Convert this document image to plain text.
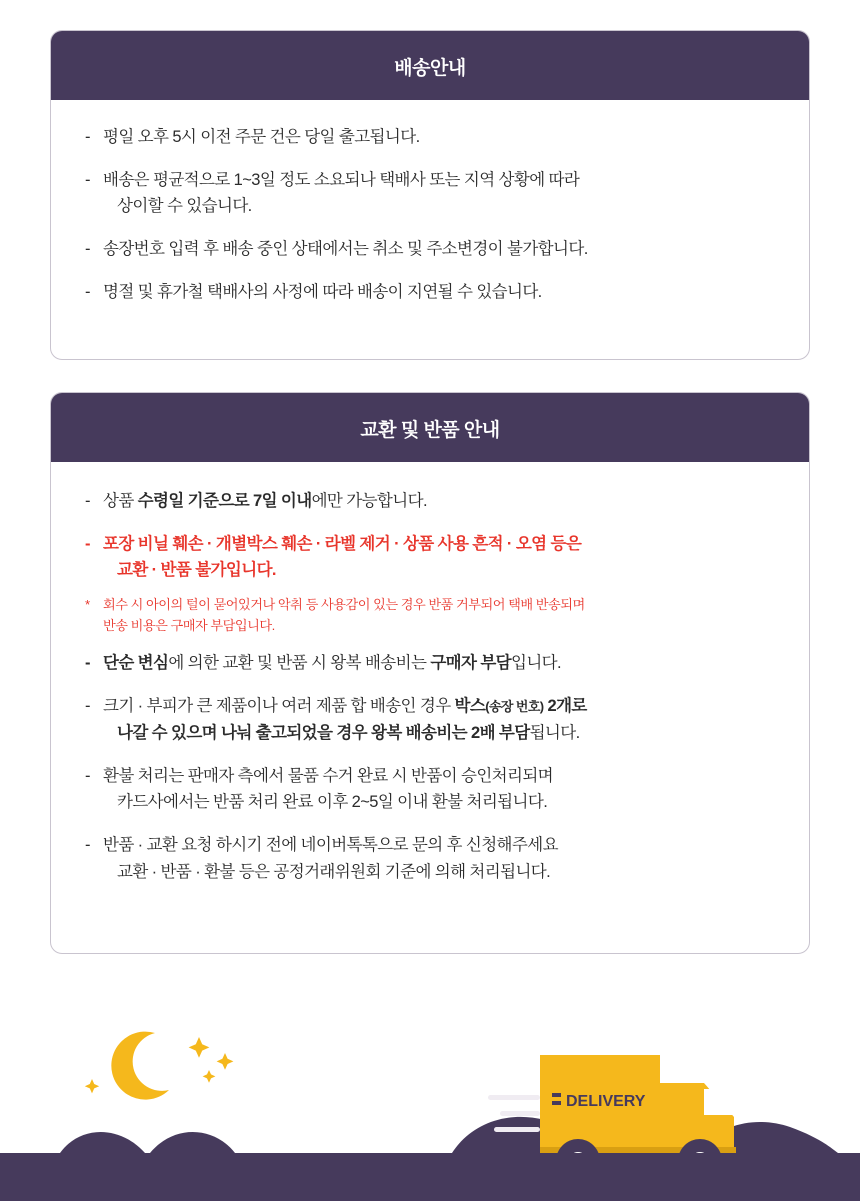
배송안내
- 평일 오후 5시 이전 주문 건은 당일 출고됩니다.
- 배송은 평균적으로 1~3일 정도 소요되나 택배사 또는 지역 상황에 따라
상이할 수 있습니다.
- 송장번호 입력 후 배송 중인 상태에서는 취소 및 주소변경이 불가합니다.
- 명절 및 휴가철 택배사의 사정에 따라 배송이 지연될 수 있습니다.
교환 및 반품 안내
- 상품 수령일 기준으로 7일 이내에만 가능합니다.
- 포장 비닐 훼손 · 개별박스 훼손 · 라벨 제거 · 상품 사용 흔적 · 오염 등은
교환 · 반품 불가입니다.
*	회수 시 아이의 털이 묻어있거나 악취 등 사용감이 있는 경우 반품 거부되어 택배 반송되며
반송 비용은 구매자 부담입니다.
- 단순 변심에 의한 교환 및 반품 시 왕복 배송비는 구매자 부담입니다.
- 크기 · 부피가 큰 제품이나 여러 제품 합 배송인 경우 박스(송장 번호) 2개로
나갈 수 있으며 나눠 출고되었을 경우 왕복 배송비는 2배 부담됩니다.
- 환불 처리는 판매자 측에서 물품 수거 완료 시 반품이 승인처리되며
카드사에서는 반품 처리 완료 이후 2~5일 이내 환불 처리됩니다.
- 반품 · 교환 요청 하시기 전에 네이버톡톡으로 문의 후 신청해주세요
교환 · 반품 · 환불 등은 공정거래위원회 기준에 의해 처리됩니다.
DELIVERY
